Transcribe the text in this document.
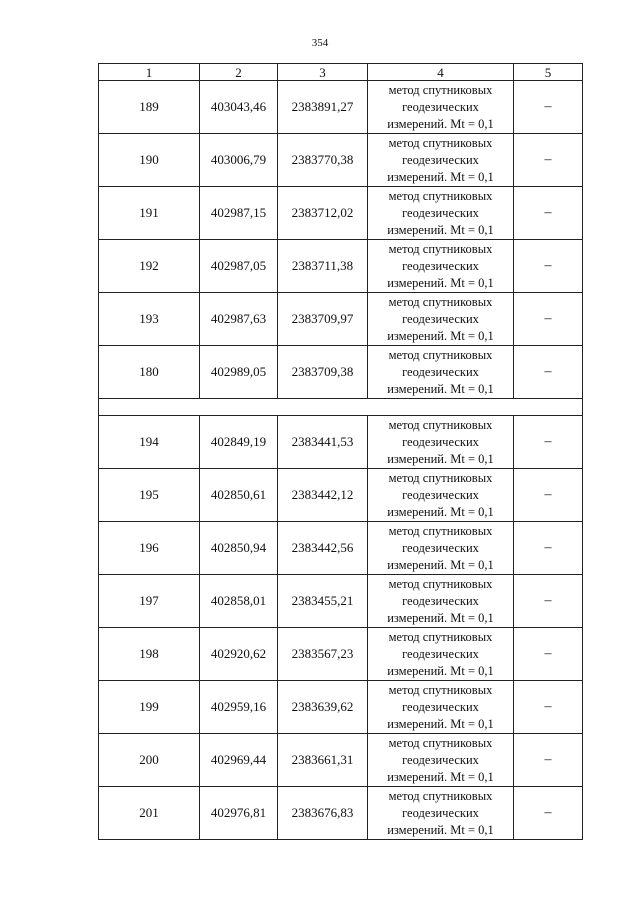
354
1	2	3	4	5
189	403043,46	2383891,27	метод спутниковых
геодезических
измерений. Mt = 0,1	–
190	403006,79	2383770,38	метод спутниковых
геодезических
измерений. Mt = 0,1	–
191	402987,15	2383712,02	метод спутниковых
геодезических
измерений. Mt = 0,1	–
192	402987,05	2383711,38	метод спутниковых
геодезических
измерений. Mt = 0,1	–
193	402987,63	2383709,97	метод спутниковых
геодезических
измерений. Mt = 0,1	–
180	402989,05	2383709,38	метод спутниковых
геодезических
измерений. Mt = 0,1	–

194	402849,19	2383441,53	метод спутниковых
геодезических
измерений. Mt = 0,1	–
195	402850,61	2383442,12	метод спутниковых
геодезических
измерений. Mt = 0,1	–
196	402850,94	2383442,56	метод спутниковых
геодезических
измерений. Mt = 0,1	–
197	402858,01	2383455,21	метод спутниковых
геодезических
измерений. Mt = 0,1	–
198	402920,62	2383567,23	метод спутниковых
геодезических
измерений. Mt = 0,1	–
199	402959,16	2383639,62	метод спутниковых
геодезических
измерений. Mt = 0,1	–
200	402969,44	2383661,31	метод спутниковых
геодезических
измерений. Mt = 0,1	–
201	402976,81	2383676,83	метод спутниковых
геодезических
измерений. Mt = 0,1	–
